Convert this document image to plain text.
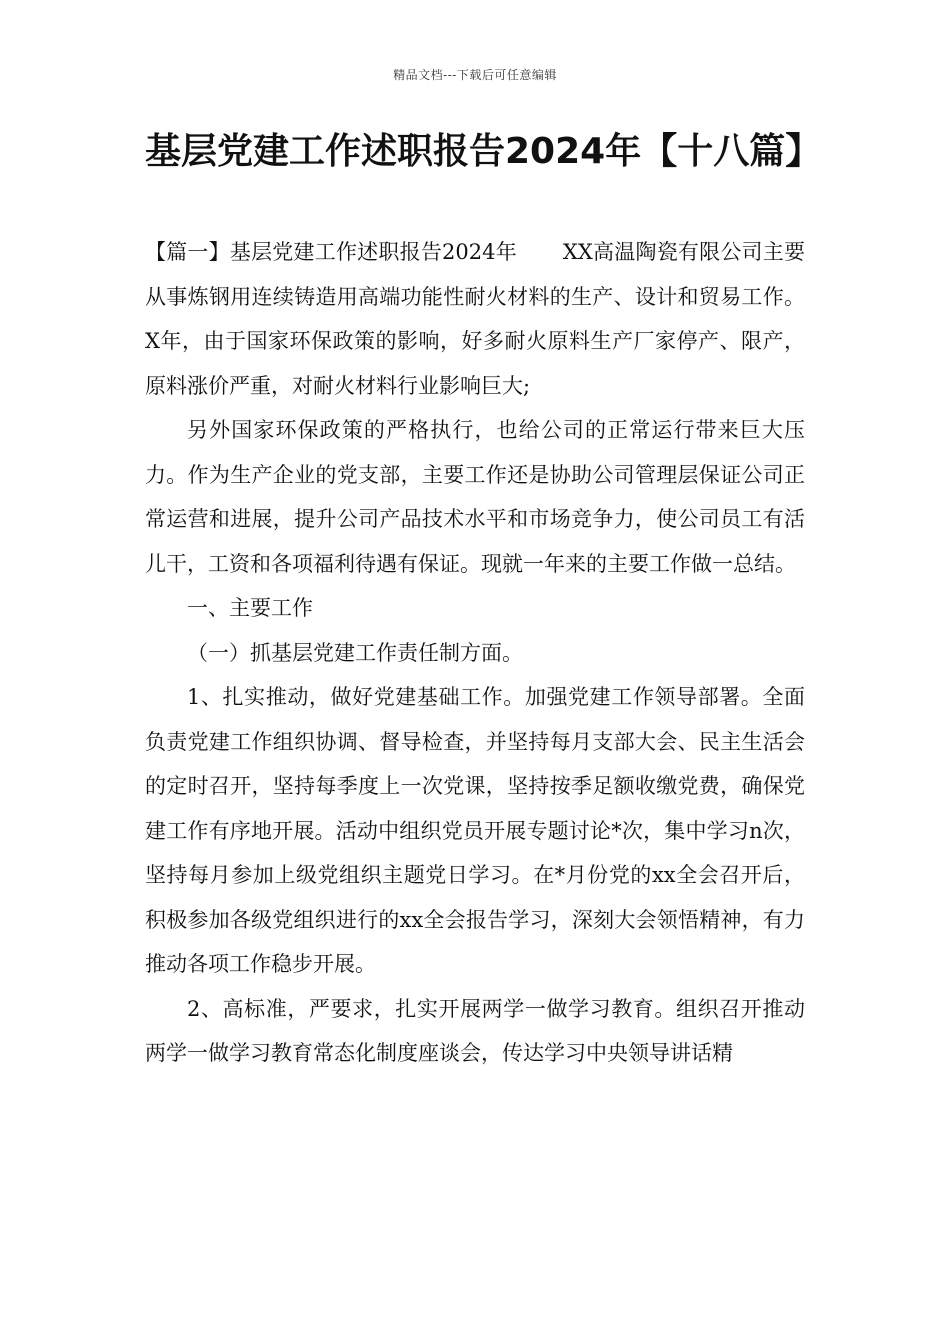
精品文档---下载后可任意编辑
基层党建工作述职报告2024年【十八篇】

【篇一】基层党建工作述职报告2024年 XX高温陶瓷有限公司主要从事炼钢用连续铸造用高端功能性耐火材料的生产、设计和贸易工作。X年，由于国家环保政策的影响，好多耐火原料生产厂家停产、限产，原料涨价严重，对耐火材料行业影响巨大;

另外国家环保政策的严格执行，也给公司的正常运行带来巨大压力。作为生产企业的党支部，主要工作还是协助公司管理层保证公司正常运营和进展，提升公司产品技术水平和市场竞争力，使公司员工有活儿干，工资和各项福利待遇有保证。现就一年来的主要工作做一总结。

一、主要工作

（一）抓基层党建工作责任制方面。

1、扎实推动，做好党建基础工作。加强党建工作领导部署。全面负责党建工作组织协调、督导检查，并坚持每月支部大会、民主生活会的定时召开，坚持每季度上一次党课，坚持按季足额收缴党费，确保党建工作有序地开展。活动中组织党员开展专题讨论*次，集中学习n次，坚持每月参加上级党组织主题党日学习。在*月份党的xx全会召开后，积极参加各级党组织进行的xx全会报告学习，深刻大会领悟精神，有力推动各项工作稳步开展。

2、高标准，严要求，扎实开展两学一做学习教育。组织召开推动两学一做学习教育常态化制度座谈会，传达学习中央领导讲话精
